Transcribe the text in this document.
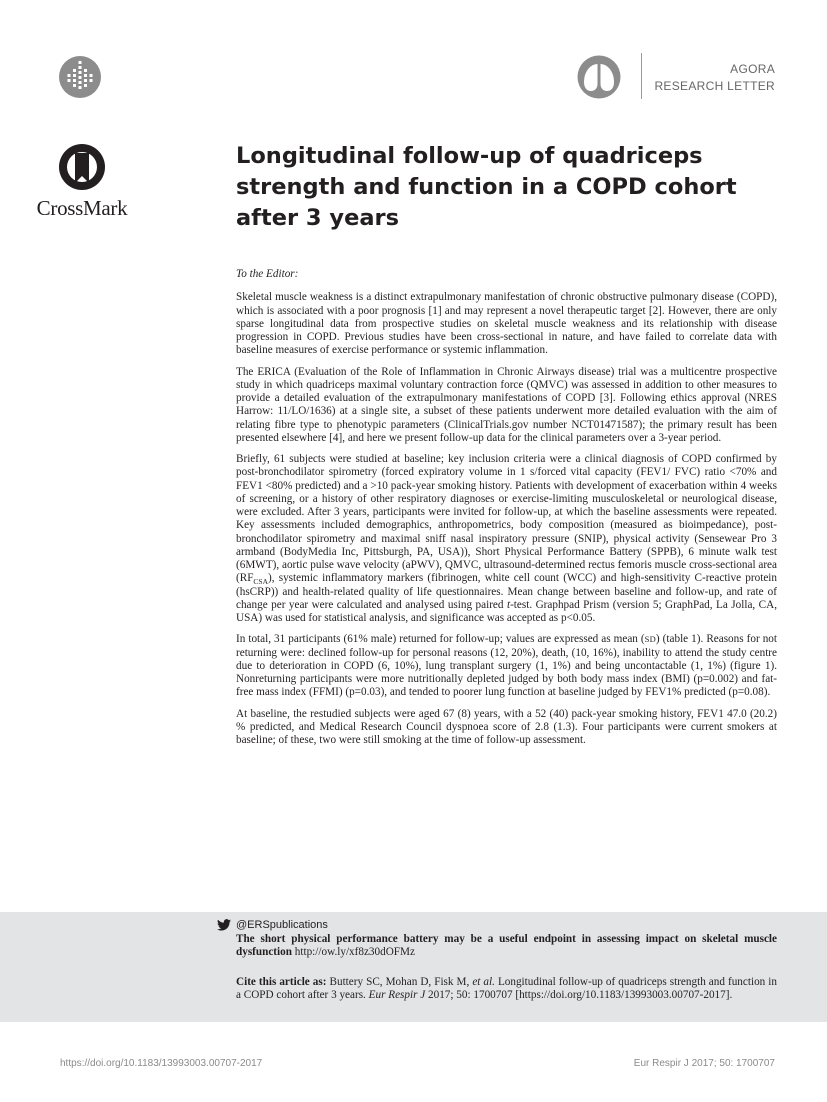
AGORA
RESEARCH LETTER
CrossMark
Longitudinal follow-up of quadriceps strength and function in a COPD cohort after 3 years
To the Editor:

Skeletal muscle weakness is a distinct extrapulmonary manifestation of chronic obstructive pulmonary disease (COPD), which is associated with a poor prognosis [1] and may represent a novel therapeutic target [2]. However, there are only sparse longitudinal data from prospective studies on skeletal muscle weakness and its relationship with disease progression in COPD. Previous studies have been cross-sectional in nature, and have failed to correlate data with baseline measures of exercise performance or systemic inflammation.

The ERICA (Evaluation of the Role of Inflammation in Chronic Airways disease) trial was a multicentre prospective study in which quadriceps maximal voluntary contraction force (QMVC) was assessed in addition to other measures to provide a detailed evaluation of the extrapulmonary manifestations of COPD [3]. Following ethics approval (NRES Harrow: 11/LO/1636) at a single site, a subset of these patients underwent more detailed evaluation with the aim of relating fibre type to phenotypic parameters (ClinicalTrials.gov number NCT01471587); the primary result has been presented elsewhere [4], and here we present follow-up data for the clinical parameters over a 3-year period.

Briefly, 61 subjects were studied at baseline; key inclusion criteria were a clinical diagnosis of COPD confirmed by post-bronchodilator spirometry (forced expiratory volume in 1 s/forced vital capacity (FEV1/ FVC) ratio <70% and FEV1 <80% predicted) and a >10 pack-year smoking history. Patients with development of exacerbation within 4 weeks of screening, or a history of other respiratory diagnoses or exercise-limiting musculoskeletal or neurological disease, were excluded. After 3 years, participants were invited for follow-up, at which the baseline assessments were repeated. Key assessments included demographics, anthropometrics, body composition (measured as bioimpedance), post-bronchodilator spirometry and maximal sniff nasal inspiratory pressure (SNIP), physical activity (Sensewear Pro 3 armband (BodyMedia Inc, Pittsburgh, PA, USA)), Short Physical Performance Battery (SPPB), 6 minute walk test (6MWT), aortic pulse wave velocity (aPWV), QMVC, ultrasound-determined rectus femoris muscle cross-sectional area $(RF_{CSA})$, systemic inflammatory markers (fibrinogen, white cell count (WCC) and high-sensitivity C-reactive protein (hsCRP)) and health-related quality of life questionnaires. Mean change between baseline and follow-up, and rate of change per year were calculated and analysed using paired t-test. Graphpad Prism (version 5; GraphPad, La Jolla, CA, USA) was used for statistical analysis, and significance was accepted as p<0.05.

In total, 31 participants (61% male) returned for follow-up; values are expressed as mean (SD) (table 1). Reasons for not returning were: declined follow-up for personal reasons (12, 20%), death, (10, 16%), inability to attend the study centre due to deterioration in COPD (6, 10%), lung transplant surgery (1, 1%) and being uncontactable (1, 1%) (figure 1). Nonreturning participants were more nutritionally depleted judged by both body mass index (BMI) (p=0.002) and fat-free mass index (FFMI) (p=0.03), and tended to poorer lung function at baseline judged by FEV1% predicted (p=0.08).

At baseline, the restudied subjects were aged 67 (8) years, with a 52 (40) pack-year smoking history, FEV1 47.0 (20.2) % predicted, and Medical Research Council dyspnoea score of 2.8 (1.3). Four participants were current smokers at baseline; of these, two were still smoking at the time of follow-up assessment.

@ERSpublications
The short physical performance battery may be a useful endpoint in assessing impact on skeletal muscle dysfunction http://ow.ly/xf8z30dOFMz
Cite this article as: Buttery SC, Mohan D, Fisk M, et al. Longitudinal follow-up of quadriceps strength and function in a COPD cohort after 3 years. Eur Respir J 2017; 50: 1700707 [https://doi.org/10.1183/13993003.00707-2017].
https://doi.org/10.1183/13993003.00707-2017	Eur Respir J 2017; 50: 1700707
